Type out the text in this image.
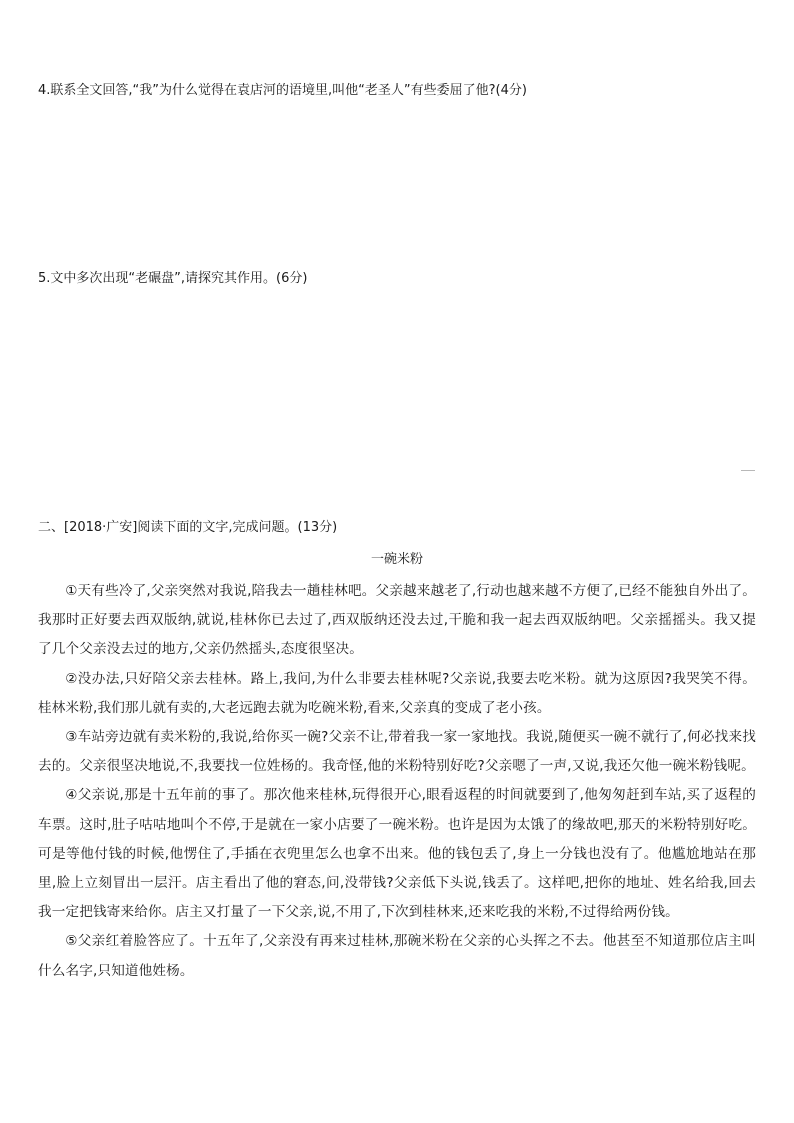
4.联系全文回答,“我”为什么觉得在袁店河的语境里,叫他“老圣人”有些委屈了他?(4分)
5.文中多次出现“老碾盘”,请探究其作用。(6分)
二、[2018·广安]阅读下面的文字,完成问题。(13分)
一碗米粉

①天有些冷了,父亲突然对我说,陪我去一趟桂林吧。父亲越来越老了,行动也越来越不方便了,已经不能独自外出了。我那时正好要去西双版纳,就说,桂林你已去过了,西双版纳还没去过,干脆和我一起去西双版纳吧。父亲摇摇头。我又提了几个父亲没去过的地方,父亲仍然摇头,态度很坚决。

②没办法,只好陪父亲去桂林。路上,我问,为什么非要去桂林呢?父亲说,我要去吃米粉。就为这原因?我哭笑不得。桂林米粉,我们那儿就有卖的,大老远跑去就为吃碗米粉,看来,父亲真的变成了老小孩。

③车站旁边就有卖米粉的,我说,给你买一碗?父亲不让,带着我一家一家地找。我说,随便买一碗不就行了,何必找来找去的。父亲很坚决地说,不,我要找一位姓杨的。我奇怪,他的米粉特别好吃?父亲嗯了一声,又说,我还欠他一碗米粉钱呢。

④父亲说,那是十五年前的事了。那次他来桂林,玩得很开心,眼看返程的时间就要到了,他匆匆赶到车站,买了返程的车票。这时,肚子咕咕地叫个不停,于是就在一家小店要了一碗米粉。也许是因为太饿了的缘故吧,那天的米粉特别好吃。可是等他付钱的时候,他愣住了,手插在衣兜里怎么也拿不出来。他的钱包丢了,身上一分钱也没有了。他尴尬地站在那里,脸上立刻冒出一层汗。店主看出了他的窘态,问,没带钱?父亲低下头说,钱丢了。这样吧,把你的地址、姓名给我,回去我一定把钱寄来给你。店主又打量了一下父亲,说,不用了,下次到桂林来,还来吃我的米粉,不过得给两份钱。

⑤父亲红着脸答应了。十五年了,父亲没有再来过桂林,那碗米粉在父亲的心头挥之不去。他甚至不知道那位店主叫什么名字,只知道他姓杨。
